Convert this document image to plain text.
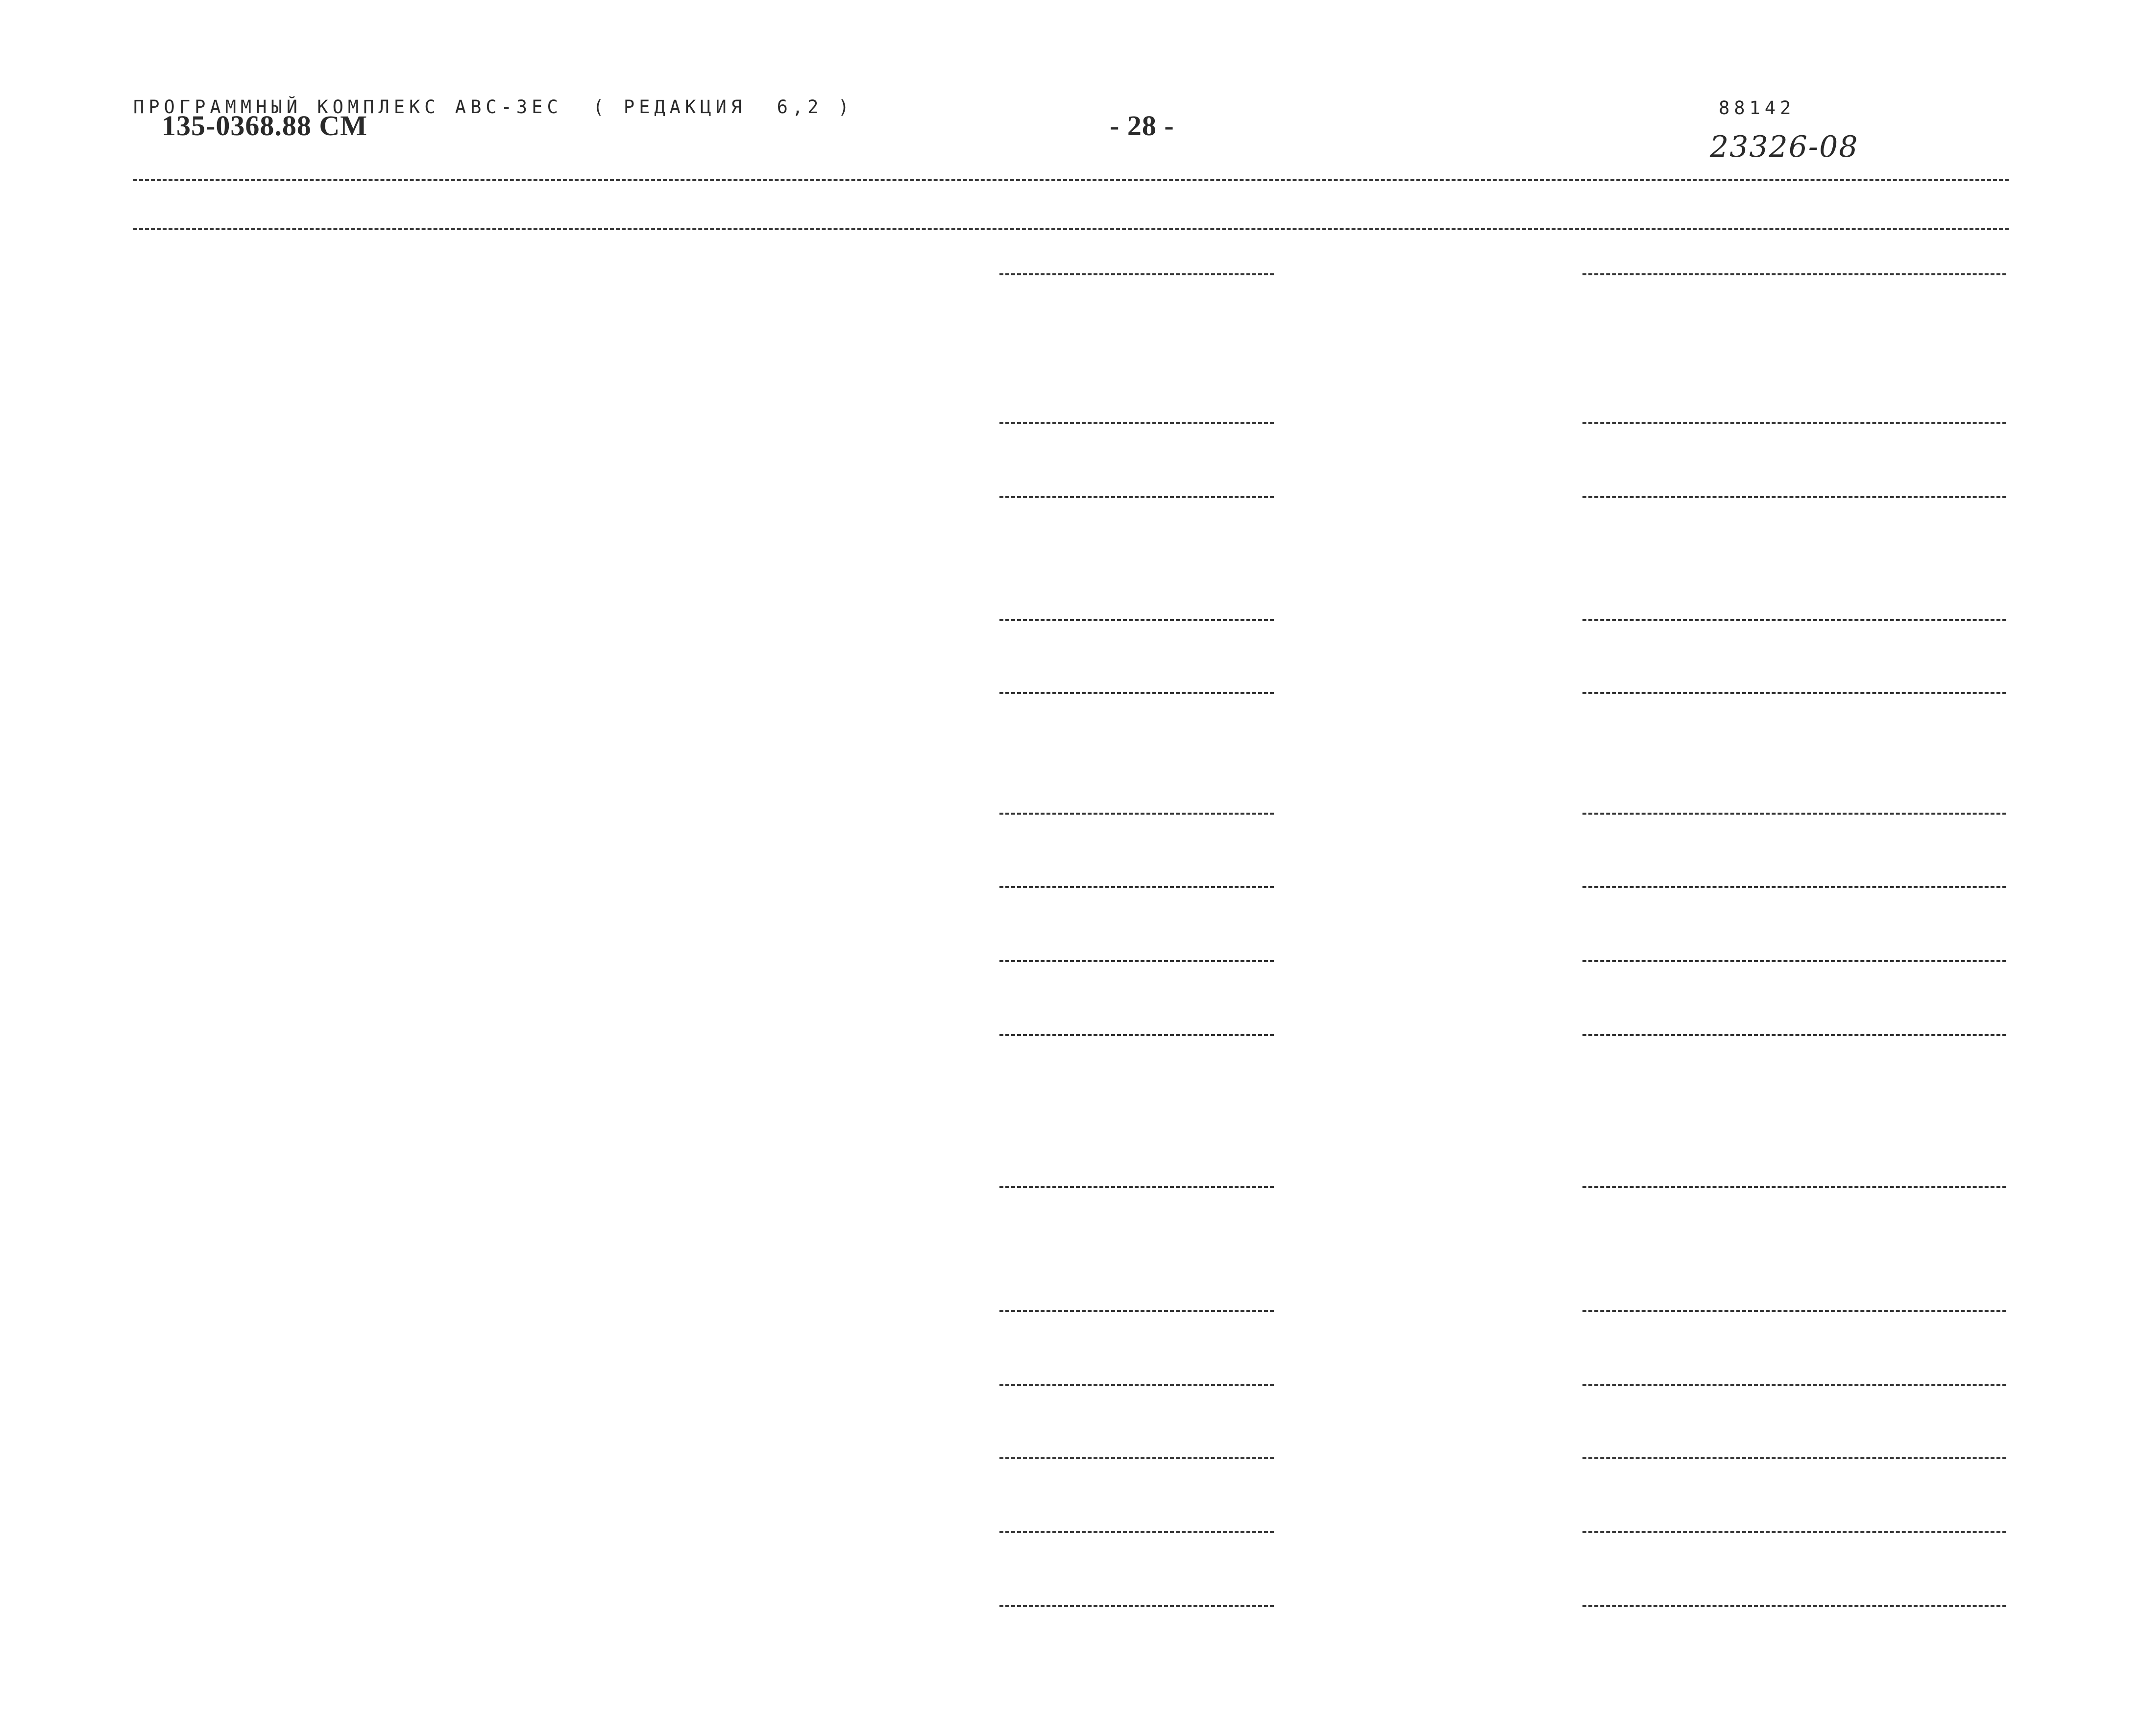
ПРОГРАММНЫЙ КОМПЛЕКС АВС-3ЕС  ( РЕДАКЦИЯ  6,2 )
135-0368.88 СМ	- 28 -
88142
23326-08
